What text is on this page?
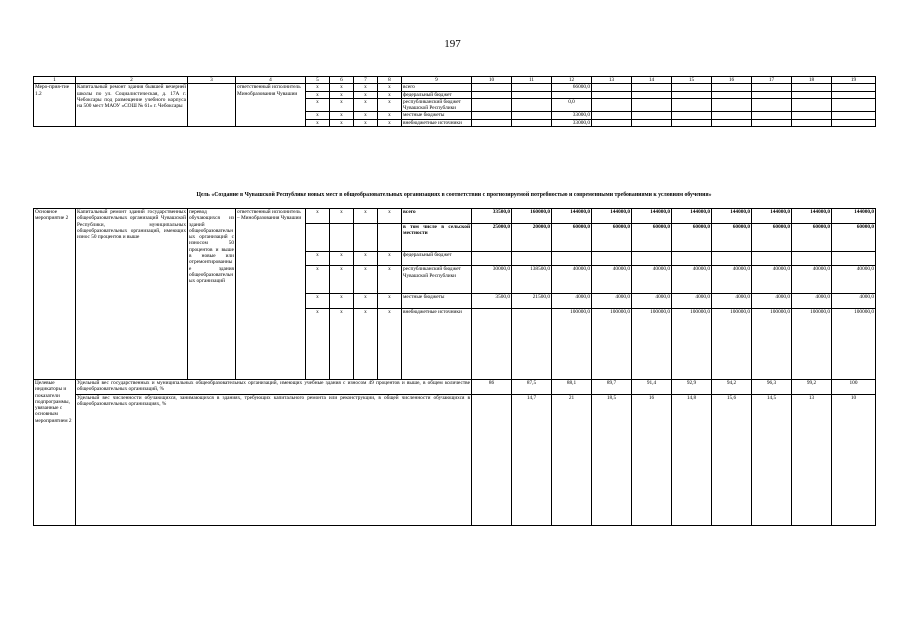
197
1	2	3	4	5	6	7	8	9	10	11	12	13	14	15	16	17	18	19
Меро-прия-тие 1.2	Капитальный ремонт здания бывшей вечерней школы по ул. Социалистическая, д. 17А г. Чебоксары под размещение учебного корпуса на 500 мест МАОУ «СОШ № 61» г. Чебоксары		ответственный исполнитель Минобразования Чувашии	x	x	x	x	всего			66000,0							
				x	x	x	x	федеральный бюджет										
				x	x	x	x	республиканский бюджет Чувашской Республики			0,0							
				x	x	x	x	местные бюджеты			33000,0							
				x	x	x	x	внебюджетные источники			33000,0							
Цель «Создание в Чувашской Республике новых мест в общеобразовательных организациях в соответствии с прогнозируемой потребностью и современными требованиями к условиям обучения»
Основное мероприятие 2	Капитальный ремонт зданий государственных общеобразовательных организаций Чувашской Республики, муниципальных общеобразовательных организаций, имеющих износ 50 процентов и выше	перевод обучающихся из зданий общеобразовательных организаций с износом 50 процентов и выше в новые или отремонтированные здания общеобразовательных организаций	ответственный исполнитель – Минобразования Чувашии	x	x	x	x	всего	33500,0	160000,0	144000,0	144000,0	144000,0	144000,0	144000,0	144000,0	144000,0	144000,0
								в том числе в сельской местности	25000,0	20000,0	60000,0	60000,0	60000,0	60000,0	60000,0	60000,0	60000,0	60000,0
				x	x	x	x	федеральный бюджет										
				x	x	x	x	республиканский бюджет Чувашской Республики	30000,0	138500,0	40000,0	40000,0	40000,0	40000,0	40000,0	40000,0	40000,0	40000,0
				x	x	x	x	местные бюджеты	3500,0	21500,0	4000,0	4000,0	4000,0	4000,0	4000,0	4000,0	4000,0	4000,0
				x	x	x	x	внебюджетные источники			100000,0	100000,0	100000,0	100000,0	100000,0	100000,0	100000,0	100000,0
Целевые индикаторы и показатели подпрограммы, увязанные с основным мероприятием 2	Удельный вес государственных и муниципальных общеобразовательных организаций, имеющих учебные здания с износом 49 процентов и выше, в общем количестве общеобразовательных организаций, %								86	87,5	88,1	89,7	91,4	92,9	94,2	96,3	99,2	100
	Удельный вес численности обучающихся, занимающихся в зданиях, требующих капитального ремонта или реконструкции, в общей численности обучающихся в общеобразовательных организациях, %									14,7	21	18,5	16	14,8	15,6	14,5	13	10
